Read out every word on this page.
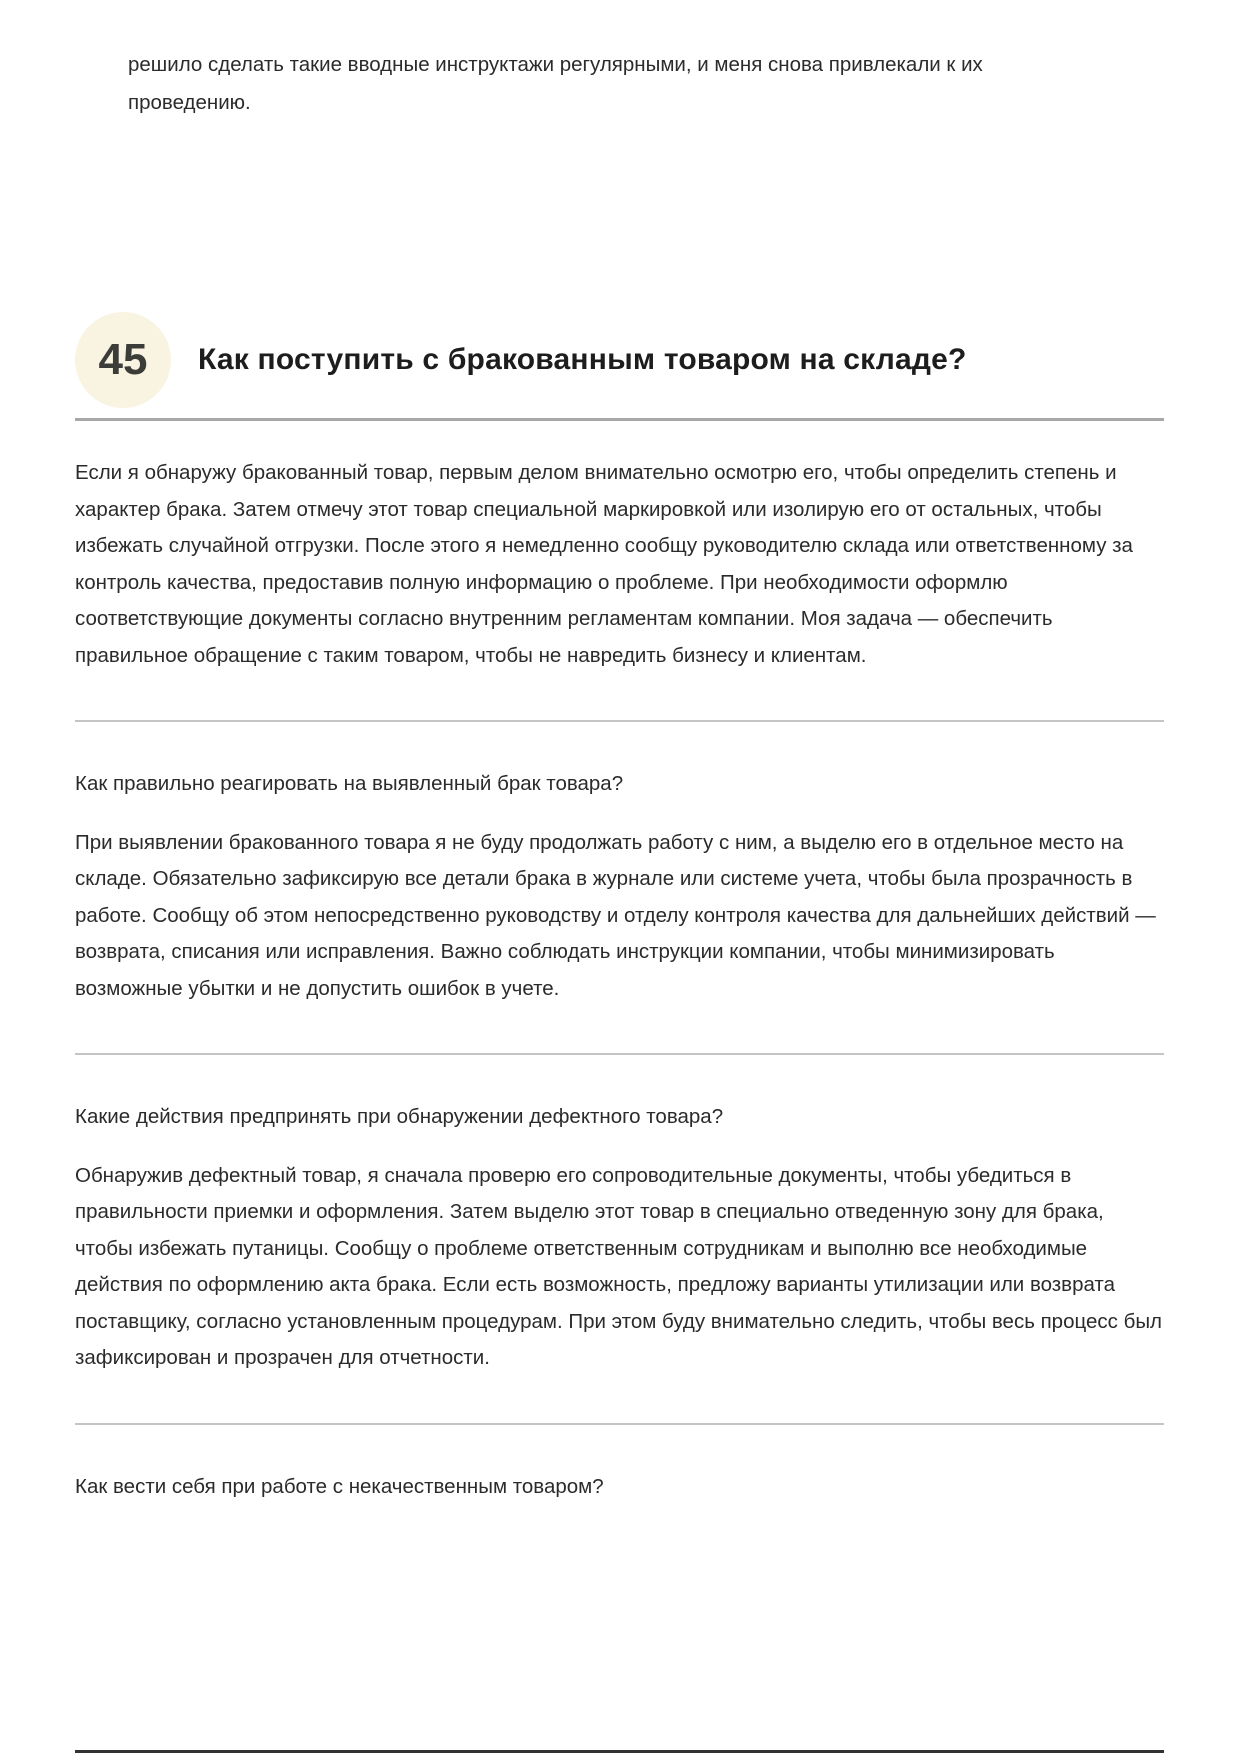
решило сделать такие вводные инструктажи регулярными, и меня снова привлекали к их проведению.

45 Как поступить с бракованным товаром на складе?

Если я обнаружу бракованный товар, первым делом внимательно осмотрю его, чтобы определить степень и характер брака. Затем отмечу этот товар специальной маркировкой или изолирую его от остальных, чтобы избежать случайной отгрузки. После этого я немедленно сообщу руководителю склада или ответственному за контроль качества, предоставив полную информацию о проблеме. При необходимости оформлю соответствующие документы согласно внутренним регламентам компании. Моя задача — обеспечить правильное обращение с таким товаром, чтобы не навредить бизнесу и клиентам.

Как правильно реагировать на выявленный брак товара?

При выявлении бракованного товара я не буду продолжать работу с ним, а выделю его в отдельное место на складе. Обязательно зафиксирую все детали брака в журнале или системе учета, чтобы была прозрачность в работе. Сообщу об этом непосредственно руководству и отделу контроля качества для дальнейших действий — возврата, списания или исправления. Важно соблюдать инструкции компании, чтобы минимизировать возможные убытки и не допустить ошибок в учете.

Какие действия предпринять при обнаружении дефектного товара?

Обнаружив дефектный товар, я сначала проверю его сопроводительные документы, чтобы убедиться в правильности приемки и оформления. Затем выделю этот товар в специально отведенную зону для брака, чтобы избежать путаницы. Сообщу о проблеме ответственным сотрудникам и выполню все необходимые действия по оформлению акта брака. Если есть возможность, предложу варианты утилизации или возврата поставщику, согласно установленным процедурам. При этом буду внимательно следить, чтобы весь процесс был зафиксирован и прозрачен для отчетности.

Как вести себя при работе с некачественным товаром?
